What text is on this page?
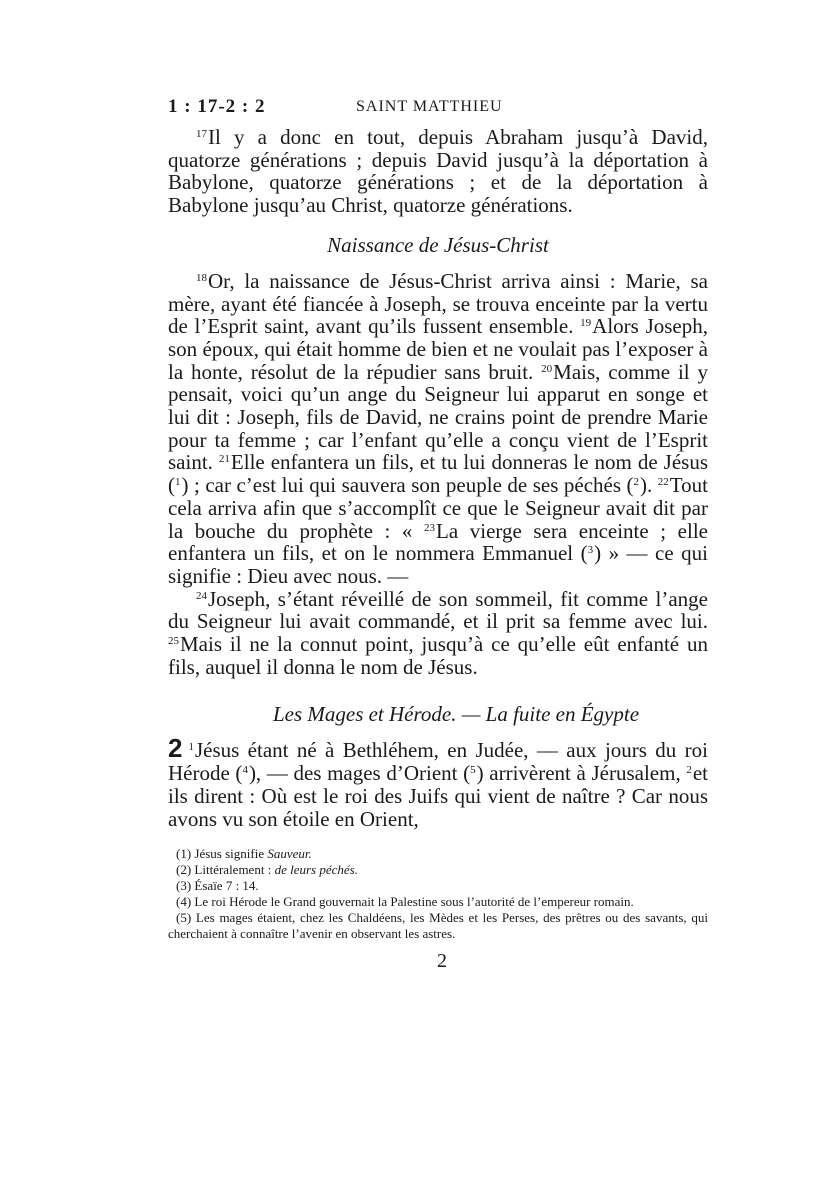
1 : 17-2 : 2	SAINT MATTHIEU

$^{17}$Il y a donc en tout, depuis Abraham jusqu’à David, quatorze générations ; depuis David jusqu’à la déportation à Babylone, quatorze générations ; et de la déportation à Babylone jusqu’au Christ, quatorze générations.

Naissance de Jésus-Christ

$^{18}$Or, la naissance de Jésus-Christ arriva ainsi : Marie, sa mère, ayant été fiancée à Joseph, se trouva enceinte par la vertu de l’Esprit saint, avant qu’ils fussent ensemble. $^{19}$Alors Joseph, son époux, qui était homme de bien et ne voulait pas l’exposer à la honte, résolut de la répudier sans bruit. $^{20}$Mais, comme il y pensait, voici qu’un ange du Seigneur lui apparut en songe et lui dit : Joseph, fils de David, ne crains point de prendre Marie pour ta femme ; car l’enfant qu’elle a conçu vient de l’Esprit saint. $^{21}$Elle enfantera un fils, et tu lui donneras le nom de Jésus ($^1$) ; car c’est lui qui sauvera son peuple de ses péchés ($^2$). $^{22}$Tout cela arriva afin que s’accomplît ce que le Seigneur avait dit par la bouche du prophète : « $^{23}$La vierge sera enceinte ; elle enfantera un fils, et on le nommera Emmanuel ($^3$) » — ce qui signifie : Dieu avec nous. —

$^{24}$Joseph, s’étant réveillé de son sommeil, fit comme l’ange du Seigneur lui avait commandé, et il prit sa femme avec lui. $^{25}$Mais il ne la connut point, jusqu’à ce qu’elle eût enfanté un fils, auquel il donna le nom de Jésus.

Les Mages et Hérode. — La fuite en Égypte

2 $^1$Jésus étant né à Bethléhem, en Judée, — aux jours du roi Hérode ($^4$), — des mages d’Orient ($^5$) arrivèrent à Jérusalem, $^2$et ils dirent : Où est le roi des Juifs qui vient de naître ? Car nous avons vu son étoile en Orient,

(1) Jésus signifie Sauveur.

(2) Littéralement : de leurs péchés.

(3) Ésaïe 7 : 14.

(4) Le roi Hérode le Grand gouvernait la Palestine sous l’autorité de l’empereur romain.

(5) Les mages étaient, chez les Chaldéens, les Mèdes et les Perses, des prêtres ou des savants, qui cherchaient à connaître l’avenir en observant les astres.

2
